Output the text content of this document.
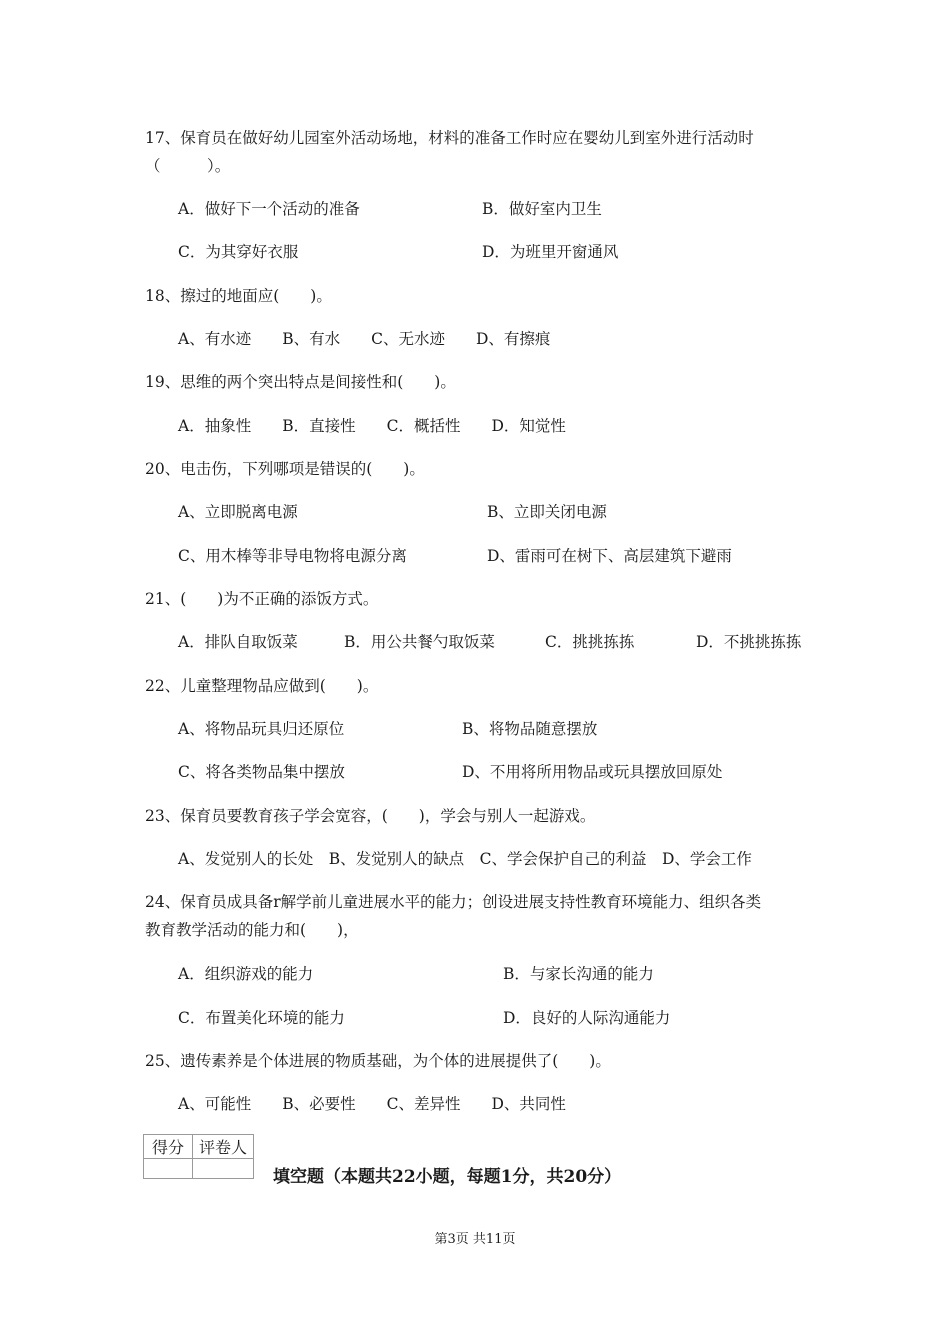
17、保育员在做好幼儿园室外活动场地，材料的准备工作时应在婴幼儿到室外进行活动时
（　　　）。
A．做好下一个活动的准备	B．做好室内卫生
C．为其穿好衣服	D．为班里开窗通风
18、擦过的地面应(　　)。
A、有水迹　　B、有水　　C、无水迹　　D、有擦痕
19、思维的两个突出特点是间接性和(　　)。
A．抽象性　　B．直接性　　C．概括性　　D．知觉性
20、电击伤，下列哪项是错误的(　　)。
A、立即脱离电源	B、立即关闭电源
C、用木棒等非导电物将电源分离	D、雷雨可在树下、高层建筑下避雨
21、(　　)为不正确的添饭方式。
A．排队自取饭菜	B．用公共餐勺取饭菜	C．挑挑拣拣	D．不挑挑拣拣
22、儿童整理物品应做到(　　)。
A、将物品玩具归还原位	B、将物品随意摆放
C、将各类物品集中摆放	D、不用将所用物品或玩具摆放回原处
23、保育员要教育孩子学会宽容，(　　)，学会与别人一起游戏。
A、发觉别人的长处　B、发觉别人的缺点　C、学会保护自己的利益　D、学会工作
24、保育员成具备r解学前儿童进展水平的能力；创设进展支持性教育环境能力、组织各类
教育教学活动的能力和(　　)，
A．组织游戏的能力	B．与家长沟通的能力
C．布置美化环境的能力	D．良好的人际沟通能力
25、遗传素养是个体进展的物质基础，为个体的进展提供了(　　)。
A、可能性　　B、必要性　　C、差异性　　D、共同性
得分	评卷人

填空题（本题共22小题，每题1分，共20分）
第3页 共11页
